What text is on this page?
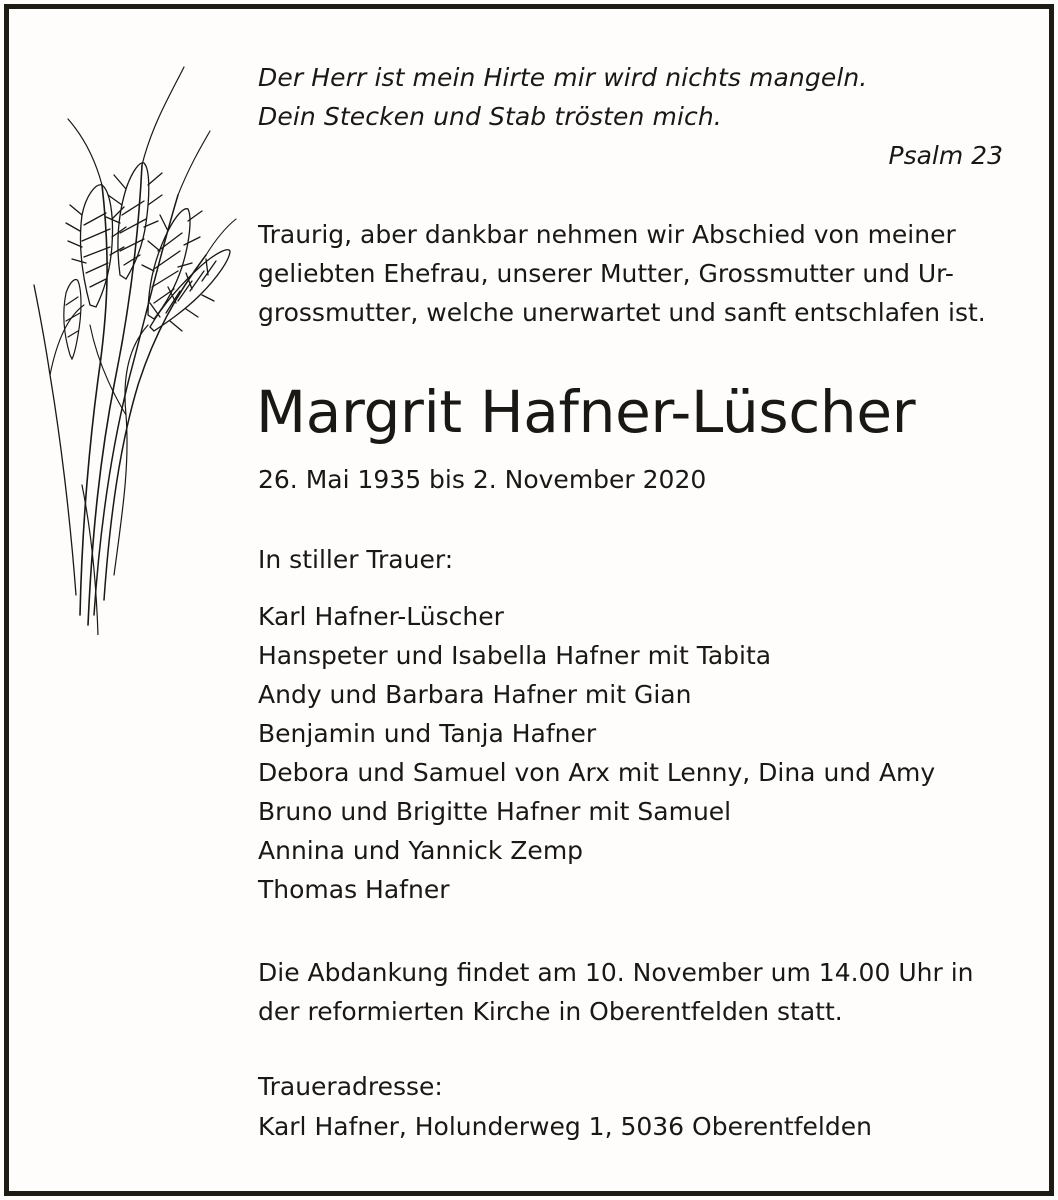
Der Herr ist mein Hirte mir wird nichts mangeln.
Dein Stecken und Stab trösten mich.
Psalm 23
Traurig, aber dankbar nehmen wir Abschied von meiner
geliebten Ehefrau, unserer Mutter, Grossmutter und Ur-
grossmutter, welche unerwartet und sanft entschlafen ist.
Margrit Hafner-Lüscher
26. Mai 1935 bis 2. November 2020
In stiller Trauer:
Karl Hafner-Lüscher
Hanspeter und Isabella Hafner mit Tabita
Andy und Barbara Hafner mit Gian
Benjamin und Tanja Hafner
Debora und Samuel von Arx mit Lenny, Dina und Amy
Bruno und Brigitte Hafner mit Samuel
Annina und Yannick Zemp
Thomas Hafner
Die Abdankung findet am 10. November um 14.00 Uhr in
der reformierten Kirche in Oberentfelden statt.
Traueradresse:
Karl Hafner, Holunderweg 1, 5036 Oberentfelden
